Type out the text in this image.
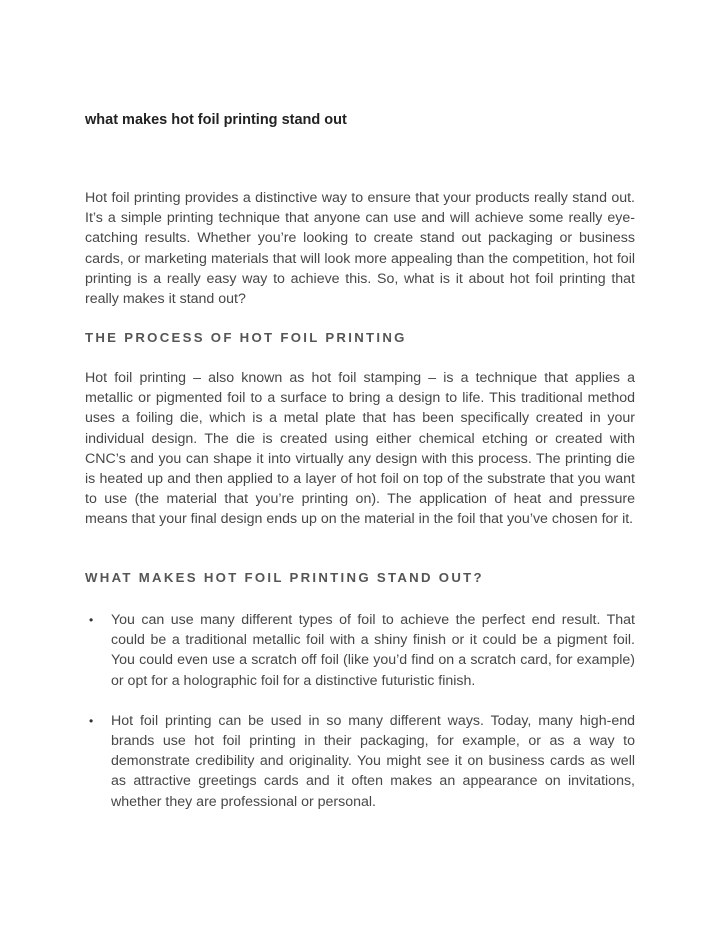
what makes hot foil printing stand out

Hot foil printing provides a distinctive way to ensure that your products really stand out. It’s a simple printing technique that anyone can use and will achieve some really eye-catching results. Whether you’re looking to create stand out packaging or business cards, or marketing materials that will look more appealing than the competition, hot foil printing is a really easy way to achieve this. So, what is it about hot foil printing that really makes it stand out?

THE PROCESS OF HOT FOIL PRINTING

Hot foil printing – also known as hot foil stamping – is a technique that applies a metallic or pigmented foil to a surface to bring a design to life. This traditional method uses a foiling die, which is a metal plate that has been specifically created in your individual design. The die is created using either chemical etching or created with CNC’s and you can shape it into virtually any design with this process. The printing die is heated up and then applied to a layer of hot foil on top of the substrate that you want to use (the material that you’re printing on). The application of heat and pressure means that your final design ends up on the material in the foil that you’ve chosen for it.

WHAT MAKES HOT FOIL PRINTING STAND OUT?
• You can use many different types of foil to achieve the perfect end result. That could be a traditional metallic foil with a shiny finish or it could be a pigment foil. You could even use a scratch off foil (like you’d find on a scratch card, for example) or opt for a holographic foil for a distinctive futuristic finish.
• Hot foil printing can be used in so many different ways. Today, many high-end brands use hot foil printing in their packaging, for example, or as a way to demonstrate credibility and originality. You might see it on business cards as well as attractive greetings cards and it often makes an appearance on invitations, whether they are professional or personal.
